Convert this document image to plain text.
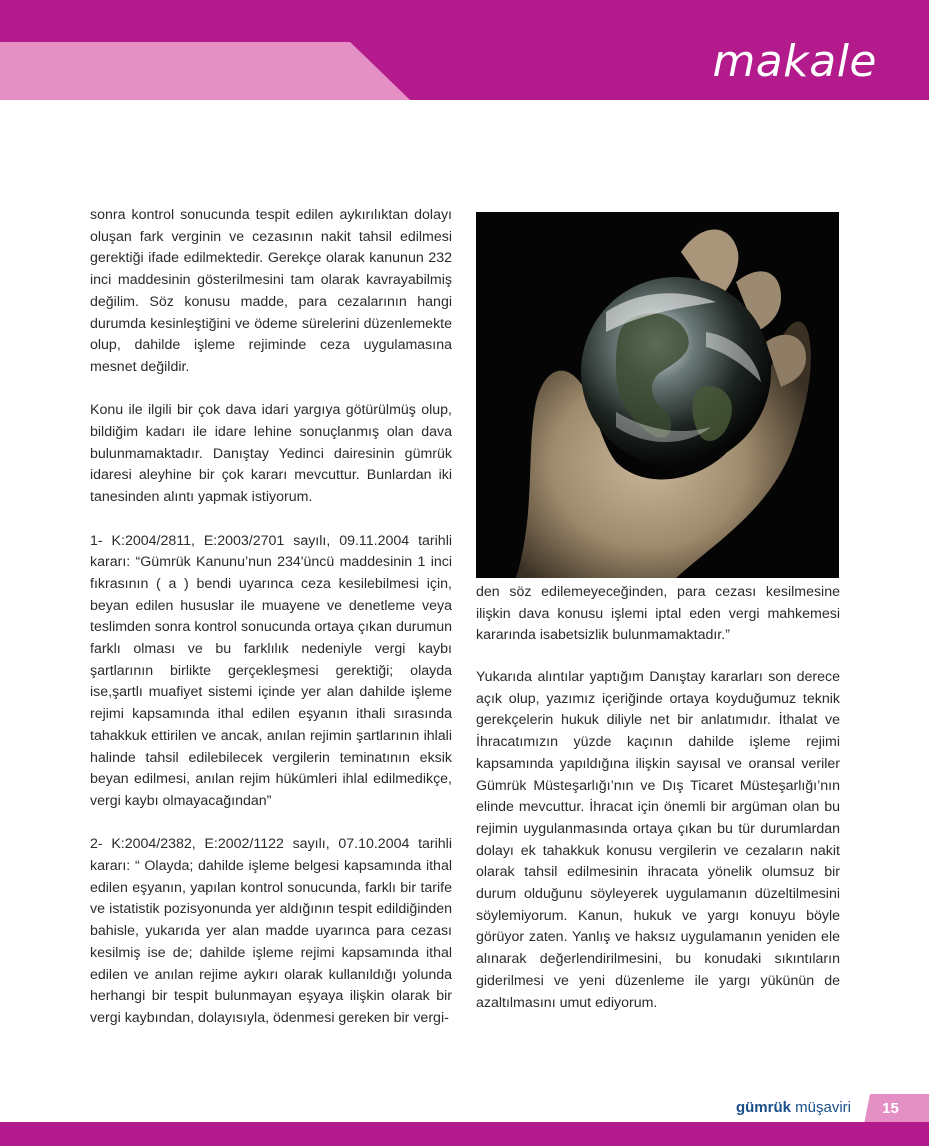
makale

sonra kontrol sonucunda tespit edilen aykırılıktan dolayı oluşan fark verginin ve cezasının nakit tahsil edilmesi gerektiği ifade edilmektedir. Gerekçe olarak kanunun 232 inci maddesinin gösterilmesini tam olarak kavrayabilmiş değilim. Söz konusu madde, para cezalarının hangi durumda kesinleştiğini ve ödeme sürelerini düzenlemekte olup, dahilde işleme rejiminde ceza uygulamasına mesnet değildir.

Konu ile ilgili bir çok dava idari yargıya götürülmüş olup, bildiğim kadarı ile idare lehine sonuçlanmış olan dava bulunmamaktadır. Danıştay Yedinci dairesinin gümrük idaresi aleyhine bir çok kararı mevcuttur. Bunlardan iki tanesinden alıntı yapmak istiyorum.

1- K:2004/2811, E:2003/2701 sayılı, 09.11.2004 tarihli kararı: “Gümrük Kanunu’nun 234'üncü maddesinin 1 inci fıkrasının ( a ) bendi uyarınca ceza kesilebilmesi için, beyan edilen hususlar ile muayene ve denetleme veya teslimden sonra kontrol sonucunda ortaya çıkan durumun farklı olması ve bu farklılık nedeniyle vergi kaybı şartlarının birlikte gerçekleşmesi gerektiği; olayda ise,şartlı muafiyet sistemi içinde yer alan dahilde işleme rejimi kapsamında ithal edilen eşyanın ithali sırasında tahakkuk ettirilen ve ancak, anılan rejimin şartlarının ihlali halinde tahsil edilebilecek vergilerin teminatının eksik beyan edilmesi, anılan rejim hükümleri ihlal edilmedikçe, vergi kaybı olmayacağından”

2- K:2004/2382, E:2002/1122 sayılı, 07.10.2004 tarihli kararı: “ Olayda; dahilde işleme belgesi kapsamında ithal edilen eşyanın, yapılan kontrol sonucunda, farklı bir tarife ve istatistik pozisyonunda yer aldığının tespit edildiğinden bahisle, yukarıda yer alan madde uyarınca para cezası kesilmiş ise de; dahilde işleme rejimi kapsamında ithal edilen ve anılan rejime aykırı olarak kullanıldığı yolunda herhangi bir tespit bulunmayan eşyaya ilişkin olarak bir vergi kaybından, dolayısıyla, ödenmesi gereken bir vergi-

den söz edilemeyeceğinden, para cezası kesilmesine ilişkin dava konusu işlemi iptal eden vergi mahkemesi kararında isabetsizlik bulunmamaktadır.”

Yukarıda alıntılar yaptığım Danıştay kararları son derece açık olup, yazımız içeriğinde ortaya koyduğumuz teknik gerekçelerin hukuk diliyle net bir anlatımıdır. İthalat ve İhracatımızın yüzde kaçının dahilde işleme rejimi kapsamında yapıldığına ilişkin sayısal ve oransal veriler Gümrük Müsteşarlığı’nın ve Dış Ticaret Müsteşarlığı’nın elinde mevcuttur. İhracat için önemli bir argüman olan bu rejimin uygulanmasında ortaya çıkan bu tür durumlardan dolayı ek tahakkuk konusu vergilerin ve cezaların nakit olarak tahsil edilmesinin ihracata yönelik olumsuz bir durum olduğunu söyleyerek uygulamanın düzeltilmesini söylemiyorum. Kanun, hukuk ve yargı konuyu böyle görüyor zaten. Yanlış ve haksız uygulamanın yeniden ele alınarak değerlendirilmesini, bu konudaki sıkıntıların giderilmesi ve yeni düzenleme ile yargı yükünün de azaltılmasını umut ediyorum.

gümrük müşaviri	15
